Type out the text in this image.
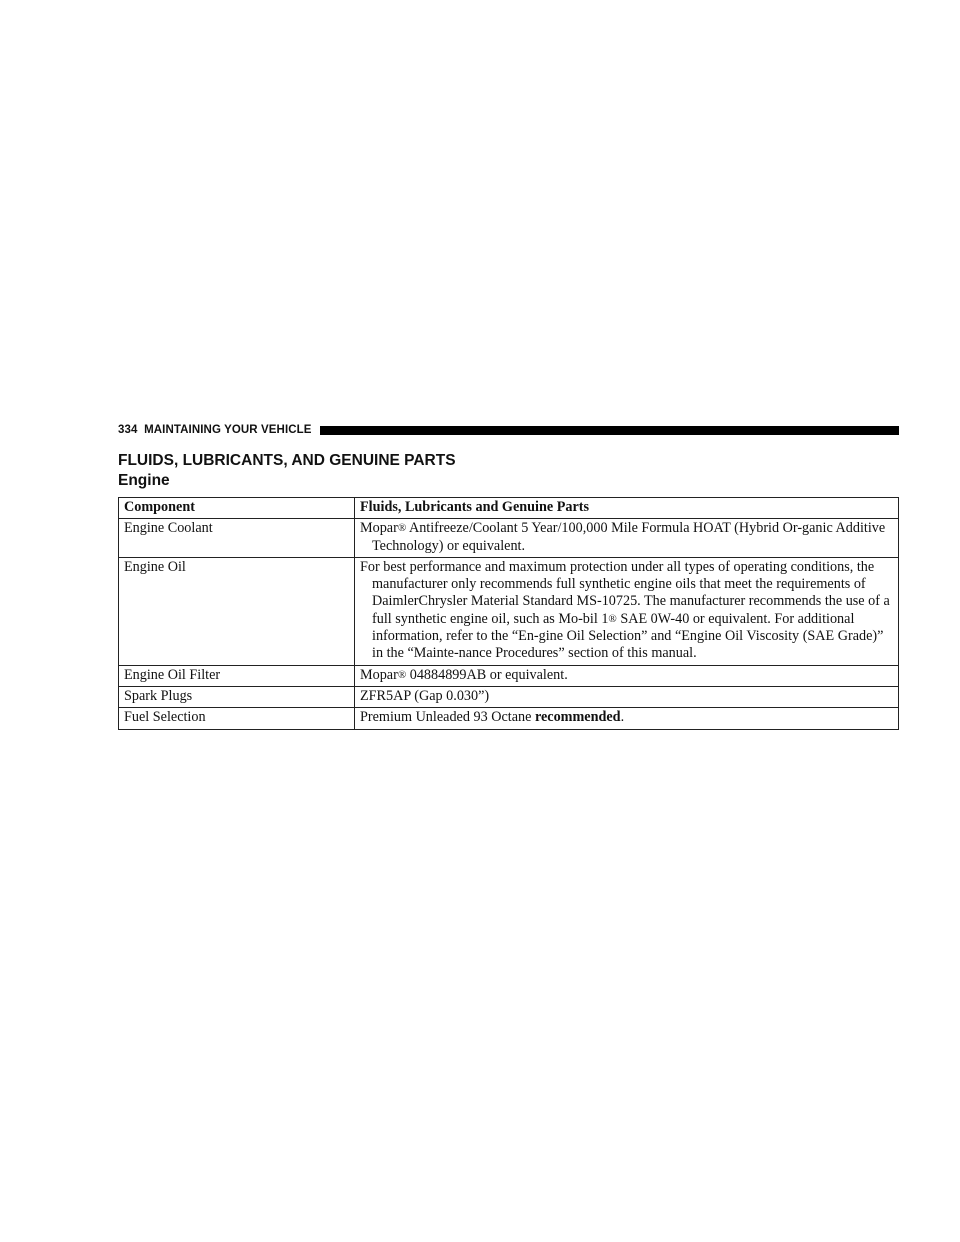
334 MAINTAINING YOUR VEHICLE
FLUIDS, LUBRICANTS, AND GENUINE PARTS
Engine
Component	Fluids, Lubricants and Genuine Parts
Engine Coolant	Mopar® Antifreeze/Coolant 5 Year/100,000 Mile Formula HOAT (Hybrid Or-ganic Additive Technology) or equivalent.

Engine Oil	For best performance and maximum protection under all types of operating conditions, the manufacturer only recommends full synthetic engine oils that meet the requirements of DaimlerChrysler Material Standard MS-10725. The manufacturer recommends the use of a full synthetic engine oil, such as Mo-bil 1® SAE 0W-40 or equivalent. For additional information, refer to the “En-gine Oil Selection” and “Engine Oil Viscosity (SAE Grade)” in the “Mainte-nance Procedures” section of this manual.

Engine Oil Filter	Mopar® 04884899AB or equivalent.

Spark Plugs	ZFR5AP (Gap 0.030”)
Fuel Selection	Premium Unleaded 93 Octane recommended.
